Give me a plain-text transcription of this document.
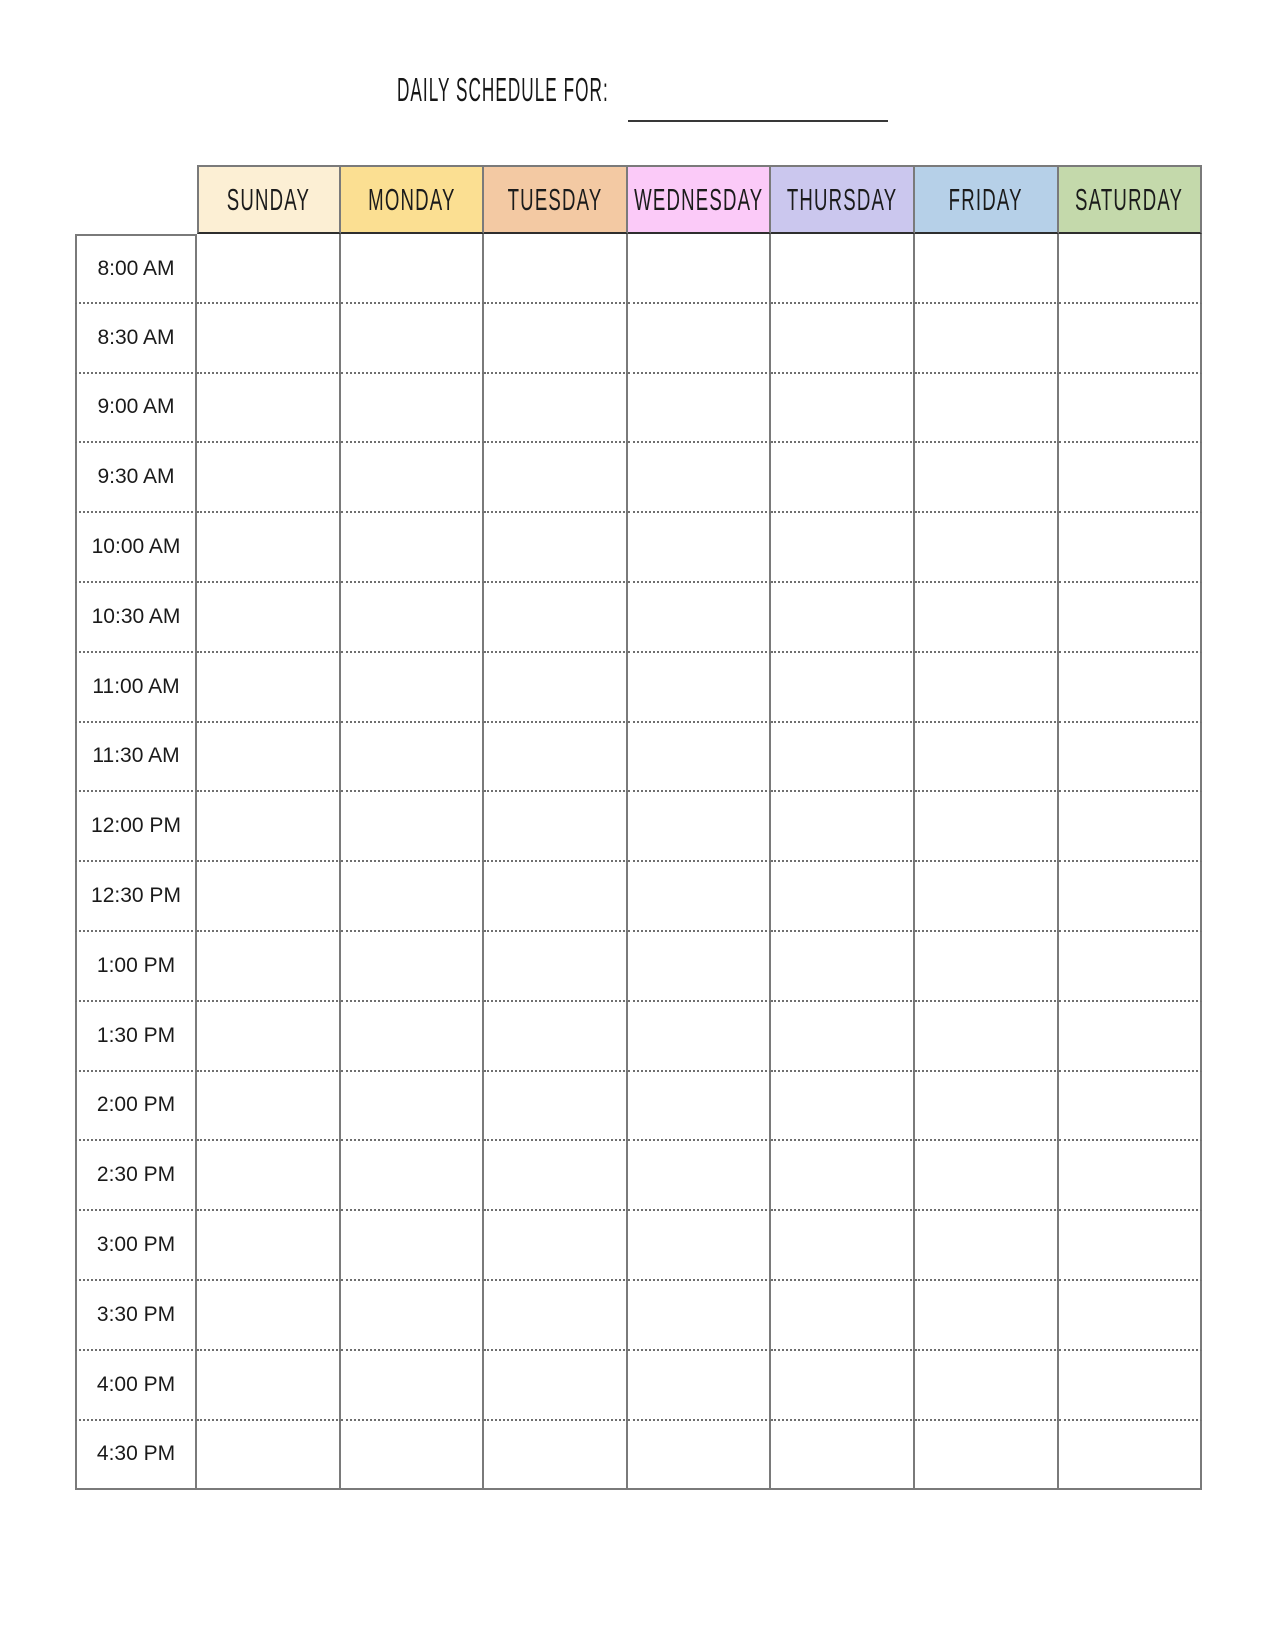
DAILY SCHEDULE FOR:
SUNDAY MONDAY TUESDAY WEDNESDAY THURSDAY FRIDAY SATURDAY
8:00 AM
8:30 AM
9:00 AM
9:30 AM
10:00 AM
10:30 AM
11:00 AM
11:30 AM
12:00 PM
12:30 PM
1:00 PM
1:30 PM
2:00 PM
2:30 PM
3:00 PM
3:30 PM
4:00 PM
4:30 PM
